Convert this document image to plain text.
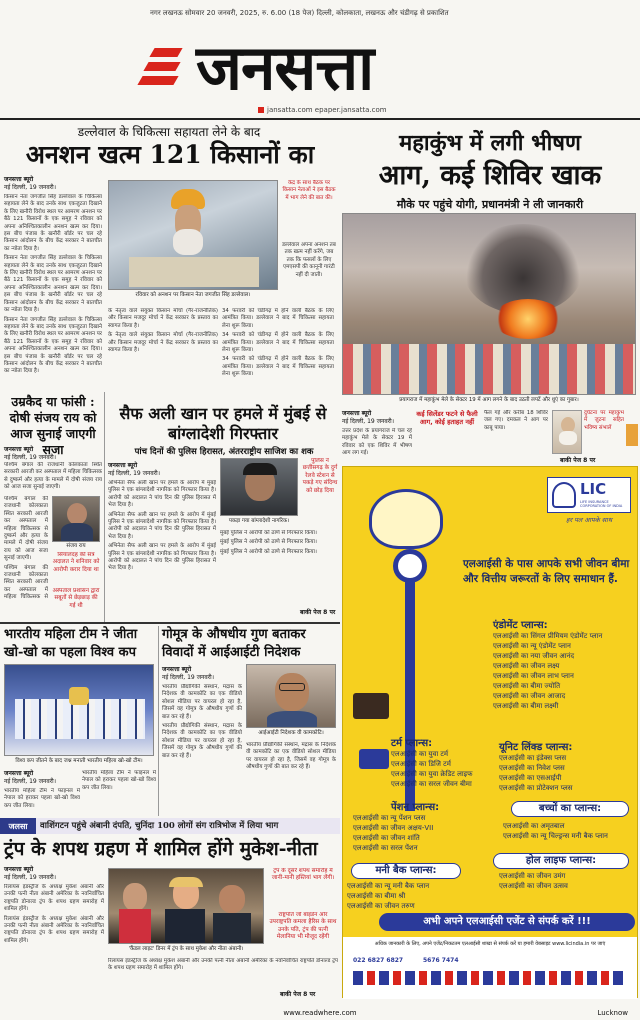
नगर लखनऊ सोमवार 20 जनवरी, 2025, रु. 6.00 (18 पेज) दिल्ली, कोलकाता, लखनऊ और चंडीगढ़ से प्रकाशित
जनसत्ता
jansatta.com epaper.jansatta.com
डल्लेवाल के चिकित्सा सहायता लेने के बाद
अनशन खत्म 121 किसानों का
जनसत्ता ब्यूरो
नई दिल्ली, 19 जनवरी।

किसान नेता जगजीत सिंह डल्लेवाल के चिकित्सा सहायता लेने के बाद उनके साथ एकजुटता दिखाने के लिए खनौरी विरोध स्थल पर आमरण अनशन पर बैठे 121 किसानों के एक समूह ने रविवार को अपना अनिश्चितकालीन अनशन खत्म कर दिया। इस बीच पंजाब के खनौरी बॉर्डर पर चल रहे किसान आंदोलन के बीच केंद्र सरकार ने बातचीत का न्योता दिया है।

किसान नेता जगजीत सिंह डल्लेवाल के चिकित्सा सहायता लेने के बाद उनके साथ एकजुटता दिखाने के लिए खनौरी विरोध स्थल पर आमरण अनशन पर बैठे 121 किसानों के एक समूह ने रविवार को अपना अनिश्चितकालीन अनशन खत्म कर दिया। इस बीच पंजाब के खनौरी बॉर्डर पर चल रहे किसान आंदोलन के बीच केंद्र सरकार ने बातचीत का न्योता दिया है।

किसान नेता जगजीत सिंह डल्लेवाल के चिकित्सा सहायता लेने के बाद उनके साथ एकजुटता दिखाने के लिए खनौरी विरोध स्थल पर आमरण अनशन पर बैठे 121 किसानों के एक समूह ने रविवार को अपना अनिश्चितकालीन अनशन खत्म कर दिया। इस बीच पंजाब के खनौरी बॉर्डर पर चल रहे किसान आंदोलन के बीच केंद्र सरकार ने बातचीत का न्योता दिया है।

रविवार को अनशन पर किसान नेता जगजीत सिंह डल्लेवाल।
केंद्र के साथ बैठक पर किसान नेताओं ने इस बैठक में भाग लेने की बात की।
डल्लेवाल अपना अनशन तब तक खत्म नहीं करेंगे, जब तक कि फसलों के लिए एमएसपी की कानूनी गारंटी नहीं दी जाती।

के नेतृत्व वाले संयुक्त किसान मोर्चा (गैर-राजनीतिक) और किसान मजदूर मोर्चा ने केंद्र सरकार के प्रस्ताव का स्वागत किया है।

के नेतृत्व वाले संयुक्त किसान मोर्चा (गैर-राजनीतिक) और किसान मजदूर मोर्चा ने केंद्र सरकार के प्रस्ताव का स्वागत किया है।

34 फरवरी को चंडीगढ़ में होने वाली बैठक के लिए आमंत्रित किया। डल्लेवाल ने बाद में चिकित्सा सहायता लेना शुरू किया।

34 फरवरी को चंडीगढ़ में होने वाली बैठक के लिए आमंत्रित किया। डल्लेवाल ने बाद में चिकित्सा सहायता लेना शुरू किया।

34 फरवरी को चंडीगढ़ में होने वाली बैठक के लिए आमंत्रित किया। डल्लेवाल ने बाद में चिकित्सा सहायता लेना शुरू किया।

महाकुंभ में लगी भीषण
आग, कई शिविर खाक
मौके पर पहुंचे योगी, प्रधानमंत्री ने ली जानकारी
प्रयागराज में महाकुंभ मेले के सेक्टर 19 में आग लगने के बाद उठती लपटें और धुएं का गुबार।
जनसत्ता ब्यूरो
नई दिल्ली, 19 जनवरी।
उत्तर प्रदेश के प्रयागराज में चल रहे महाकुंभ मेले के सेक्टर 19 में रविवार को एक शिविर में भीषण आग लग गई।
कई सिलेंडर फटने से फैली आग, कोई हताहत नहीं
फैल गई और करीब 18 शिविर जल गए। दमकल ने आग पर काबू पाया।
दुर्घटना पर महाकुंभ में जुटना सहित भविष्य संभालें
बाकी पेज 8 पर
उम्रकैद या फांसी : दोषी संजय राय को आज सुनाई जाएगी सजा
जनसत्ता ब्यूरो
नई दिल्ली, 19 जनवरी।
पश्चिम बंगाल की राजधानी कोलकाता स्थित सरकारी आरजी कर अस्पताल में महिला चिकित्सक से दुष्कर्म और हत्या के मामले में दोषी संजय राय को आज सजा सुनाई जाएगी।

पश्चिम बंगाल की राजधानी कोलकाता स्थित सरकारी आरजी कर अस्पताल में महिला चिकित्सक से दुष्कर्म और हत्या के मामले में दोषी संजय राय को आज सजा सुनाई जाएगी।

पश्चिम बंगाल की राजधानी कोलकाता स्थित सरकारी आरजी कर अस्पताल में महिला चिकित्सक से

संजय राय
सियालदह की सत्र अदालत ने शनिवार को आरोपी करार दिया था
अस्पताल प्रशासन द्वारा सबूतों से छेड़छाड़ की गई थी
सैफ अली खान पर हमले में मुंबई से बांग्लादेशी गिरफ्तार
पांच दिनों की पुलिस हिरासत, अंतरराष्ट्रीय साजिश का शक
जनसत्ता ब्यूरो
नई दिल्ली, 19 जनवरी।

अभिनेता सैफ अली खान पर हमले के आरोप में मुंबई पुलिस ने एक बांग्लादेशी नागरिक को गिरफ्तार किया है। आरोपी को अदालत ने पांच दिन की पुलिस हिरासत में भेज दिया है।

अभिनेता सैफ अली खान पर हमले के आरोप में मुंबई पुलिस ने एक बांग्लादेशी नागरिक को गिरफ्तार किया है। आरोपी को अदालत ने पांच दिन की पुलिस हिरासत में भेज दिया है।

अभिनेता सैफ अली खान पर हमले के आरोप में मुंबई पुलिस ने एक बांग्लादेशी नागरिक को गिरफ्तार किया है। आरोपी को अदालत ने पांच दिन की पुलिस हिरासत में भेज दिया है।

पकड़ा गया बांग्लादेशी नागरिक।
पुलिस ने छत्तीसगढ़ के दुर्ग रेलवे स्टेशन से पकड़े गए संदिग्ध को छोड़ दिया

मुंबई पुलिस ने आरोपी को ठाणे से गिरफ्तार किया।

मुंबई पुलिस ने आरोपी को ठाणे से गिरफ्तार किया।

मुंबई पुलिस ने आरोपी को ठाणे से गिरफ्तार किया।

बाकी पेज 8 पर
भारतीय महिला टीम ने जीता खो-खो का पहला विश्व कप
विश्व कप जीतने के बाद जश्न मनाती भारतीय महिला खो-खो टीम।
जनसत्ता ब्यूरो
नई दिल्ली, 19 जनवरी।
भारतीय महिला टीम ने फाइनल में नेपाल को हराकर पहला खो-खो विश्व कप जीत लिया।
भारतीय महिला टीम ने फाइनल में नेपाल को हराकर पहला खो-खो विश्व कप जीत लिया।
गोमूत्र के औषधीय गुण बताकर विवादों में आईआईटी निदेशक
जनसत्ता ब्यूरो
नई दिल्ली, 19 जनवरी।

भारतीय प्रौद्योगिकी संस्थान, मद्रास के निदेशक वी कामकोटि का एक वीडियो सोशल मीडिया पर वायरल हो रहा है, जिसमें वह गोमूत्र के औषधीय गुणों की बात कर रहे हैं।

भारतीय प्रौद्योगिकी संस्थान, मद्रास के निदेशक वी कामकोटि का एक वीडियो सोशल मीडिया पर वायरल हो रहा है, जिसमें वह गोमूत्र के औषधीय गुणों की बात कर रहे हैं।

आईआईटी निदेशक वी कामकोटि।

भारतीय प्रौद्योगिकी संस्थान, मद्रास के निदेशक वी कामकोटि का एक वीडियो सोशल मीडिया पर वायरल हो रहा है, जिसमें वह गोमूत्र के औषधीय गुणों की बात कर रहे हैं।

जलसा	वाशिंगटन पहुंचे अंबानी दंपति, चुनिंदा 100 लोगों संग रात्रिभोज में लिया भाग
ट्रंप के शपथ ग्रहण में शामिल होंगे मुकेश-नीता
जनसत्ता ब्यूरो
नई दिल्ली, 19 जनवरी।

रिलायंस इंडस्ट्रीज के अध्यक्ष मुकेश अंबानी और उनकी पत्नी नीता अंबानी अमेरिका के नवनिर्वाचित राष्ट्रपति डोनाल्ड ट्रंप के शपथ ग्रहण समारोह में शामिल होंगे।

रिलायंस इंडस्ट्रीज के अध्यक्ष मुकेश अंबानी और उनकी पत्नी नीता अंबानी अमेरिका के नवनिर्वाचित राष्ट्रपति डोनाल्ड ट्रंप के शपथ ग्रहण समारोह में शामिल होंगे।

'कैंडल लाइट' डिनर में ट्रंप के साथ मुकेश और नीता अंबानी।
ट्रंप के दूसरे शपथ समारोह में जानी-मानी हस्तियां भाग लेंगी।
राष्ट्रपति जो बाइडेन और उपराष्ट्रपति कमला हैरिस के साथ उनके पति, ट्रंप की पत्नी मेलानिया भी मौजूद रहेंगी

रिलायंस इंडस्ट्रीज के अध्यक्ष मुकेश अंबानी और उनकी पत्नी नीता अंबानी अमेरिका के नवनिर्वाचित राष्ट्रपति डोनाल्ड ट्रंप के शपथ ग्रहण समारोह में शामिल होंगे।

बाकी पेज 8 पर
LIC
LIFE INSURANCE CORPORATION OF INDIA
हर पल आपके साथ
एलआईसी के पास आपके सभी जीवन बीमा और वित्तीय जरूरतों के लिए समाधान हैं.
एंडोमेंट प्लान्स:
एलआईसी का सिंगल प्रीमियम एंडोमेंट प्लान
एलआईसी का न्यू एंडोमेंट प्लान
एलआईसी का नया जीवन आनंद
एलआईसी का जीवन लक्ष्य
एलआईसी का जीवन लाभ प्लान
एलआईसी का बीमा ज्योति
एलआईसी का जीवन आजाद
एलआईसी का बीमा लक्ष्मी
टर्म प्लान्स:
एलआईसी का युवा टर्म
एलआईसी का डिजि टर्म
एलआईसी का युवा क्रेडिट लाइफ
एलआईसी का सरल जीवन बीमा
यूनिट लिंक्ड प्लान्स:
एलआईसी का इंडेक्स प्लस
एलआईसी का निवेश प्लस
एलआईसी का एसआईपी
एलआईसी का प्रोटेक्शन प्लस
पेंशन प्लान्स:
एलआईसी का न्यू पेंशन प्लस
एलआईसी का जीवन अक्षय-VII
एलआईसी का जीवन शांति
एलआईसी का सरल पेंशन
बच्चों का प्लान्स:
एलआईसी का अमृतबाल
एलआईसी का न्यू चिल्ड्रन्स मनी बैक प्लान
मनी बैक प्लान्स:
एलआईसी का न्यू मनी बैक प्लान
एलआईसी का बीमा श्री
एलआईसी का जीवन तरुण
होल लाइफ प्लान्स:
एलआईसी का जीवन उमंग
एलआईसी का जीवन उत्सव
अभी अपने एलआईसी एजेंट से संपर्क करें !!!
अधिक जानकारी के लिए, अपने एजेंट/निकटतम एलआईसी शाखा से संपर्क करें या हमारी वेबसाइट www.licindia.in पर जाएं
022 6827 6827	5676 7474
www.readwhere.com	Lucknow
